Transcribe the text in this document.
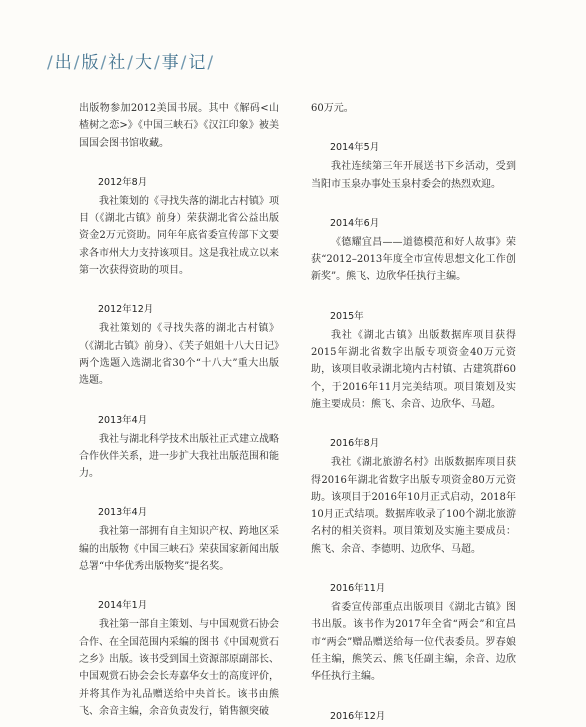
/出/版/社/大/事/记/

出版物参加2012美国书展。其中《解码<山楂树之恋>》《中国三峡石》《汉江印象》被美国国会图书馆收藏。

2012年8月

我社策划的《寻找失落的湖北古村镇》项目（《湖北古镇》前身）荣获湖北省公益出版资金2万元资助。同年年底省委宣传部下文要求各市州大力支持该项目。这是我社成立以来第一次获得资助的项目。

2012年12月

我社策划的《寻找失落的湖北古村镇》（《湖北古镇》前身）、《芙子姐姐十八大日记》两个选题入选湖北省30个“十八大”重大出版选题。

2013年4月

我社与湖北科学技术出版社正式建立战略合作伙伴关系，进一步扩大我社出版范围和能力。

2013年4月

我社第一部拥有自主知识产权、跨地区采编的出版物《中国三峡石》荣获国家新闻出版总署“中华优秀出版物奖”提名奖。

2014年1月

我社第一部自主策划、与中国观赏石协会合作、在全国范围内采编的图书《中国观赏石之乡》出版。该书受到国土资源部原副部长、中国观赏石协会会长寿嘉华女士的高度评价，并将其作为礼品赠送给中央首长。该书由熊飞、余音主编，余音负责发行，销售额突破

60万元。

2014年5月

我社连续第三年开展送书下乡活动，受到当阳市玉泉办事处玉泉村委会的热烈欢迎。

2014年6月

《德耀宜昌——道德模范和好人故事》荣获“2012–2013年度全市宣传思想文化工作创新奖”。熊飞、边欣华任执行主编。

2015年

我社《湖北古镇》出版数据库项目获得2015年湖北省数字出版专项资金40万元资助，该项目收录湖北境内古村镇、古建筑群60个，于2016年11月完美结项。项目策划及实施主要成员：熊飞、余音、边欣华、马超。

2016年8月

我社《湖北旅游名村》出版数据库项目获得2016年湖北省数字出版专项资金80万元资助。该项目于2016年10月正式启动，2018年10月正式结项。数据库收录了100个湖北旅游名村的相关资料。项目策划及实施主要成员：熊飞、余音、李德明、边欣华、马超。

2016年11月

省委宣传部重点出版项目《湖北古镇》图书出版。该书作为2017年全省“两会”和宜昌市“两会”赠品赠送给每一位代表委员。罗春娘任主编，熊笑云、熊飞任副主编，余音、边欣华任执行主编。

2016年12月
